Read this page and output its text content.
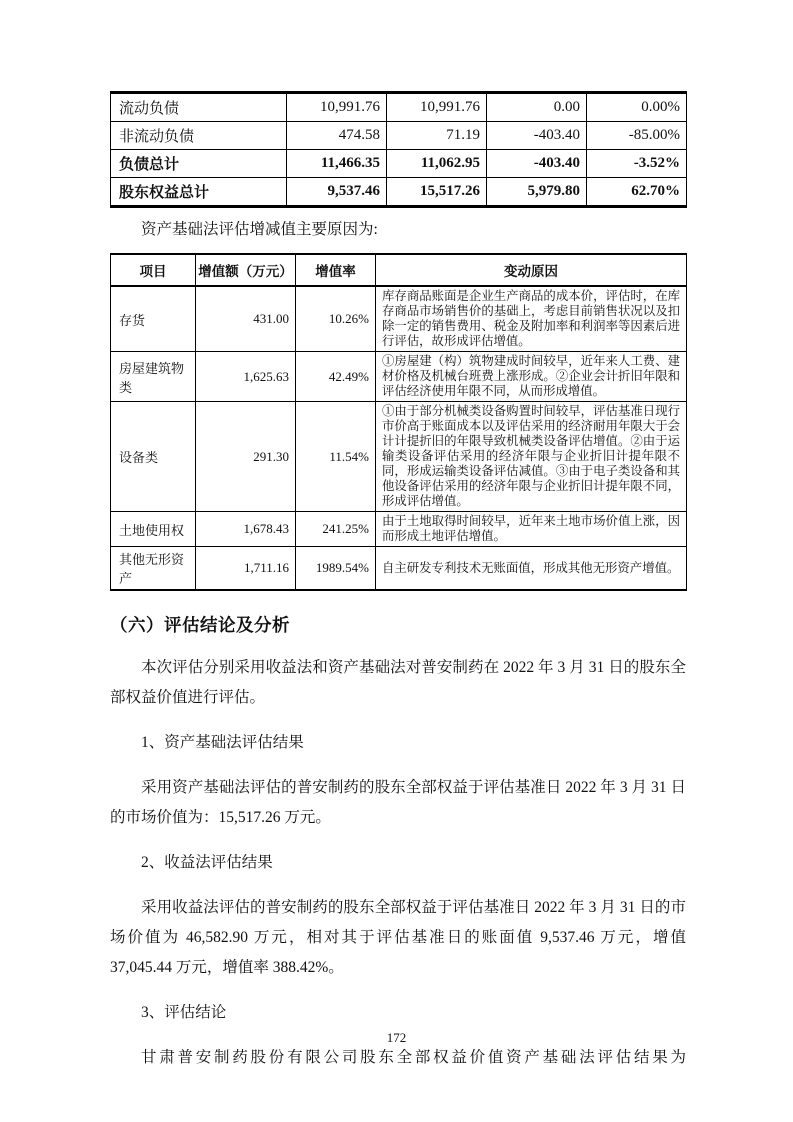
流动负债	10,991.76	10,991.76	0.00	0.00%
非流动负债	474.58	71.19	-403.40	-85.00%
负债总计	11,466.35	11,062.95	-403.40	-3.52%
股东权益总计	9,537.46	15,517.26	5,979.80	62.70%

资产基础法评估增减值主要原因为:

项目	增值额（万元）	增值率	变动原因
存货	431.00	10.26%	库存商品账面是企业生产商品的成本价，评估时，在库存商品市场销售价的基础上，考虑目前销售状况以及扣除一定的销售费用、税金及附加率和利润率等因素后进行评估，故形成评估增值。
房屋建筑物类	1,625.63	42.49%	①房屋建（构）筑物建成时间较早，近年来人工费、建材价格及机械台班费上涨形成。②企业会计折旧年限和评估经济使用年限不同，从而形成增值。
设备类	291.30	11.54%	①由于部分机械类设备购置时间较早，评估基准日现行市价高于账面成本以及评估采用的经济耐用年限大于会计计提折旧的年限导致机械类设备评估增值。②由于运输类设备评估采用的经济年限与企业折旧计提年限不同，形成运输类设备评估减值。③由于电子类设备和其他设备评估采用的经济年限与企业折旧计提年限不同，形成评估增值。
土地使用权	1,678.43	241.25%	由于土地取得时间较早，近年来土地市场价值上涨，因而形成土地评估增值。
其他无形资产	1,711.16	1989.54%	自主研发专利技术无账面值，形成其他无形资产增值。
（六）评估结论及分析

本次评估分别采用收益法和资产基础法对普安制药在 2022 年 3 月 31 日的股东全部权益价值进行评估。

1、资产基础法评估结果

采用资产基础法评估的普安制药的股东全部权益于评估基准日 2022 年 3 月 31 日的市场价值为：15,517.26 万元。

2、收益法评估结果

采用收益法评估的普安制药的股东全部权益于评估基准日 2022 年 3 月 31 日的市场价值为 46,582.90 万元，相对其于评估基准日的账面值 9,537.46 万元，增值 37,045.44 万元，增值率 388.42%。

3、评估结论

甘肃普安制药股份有限公司股东全部权益价值资产基础法评估结果为

172
